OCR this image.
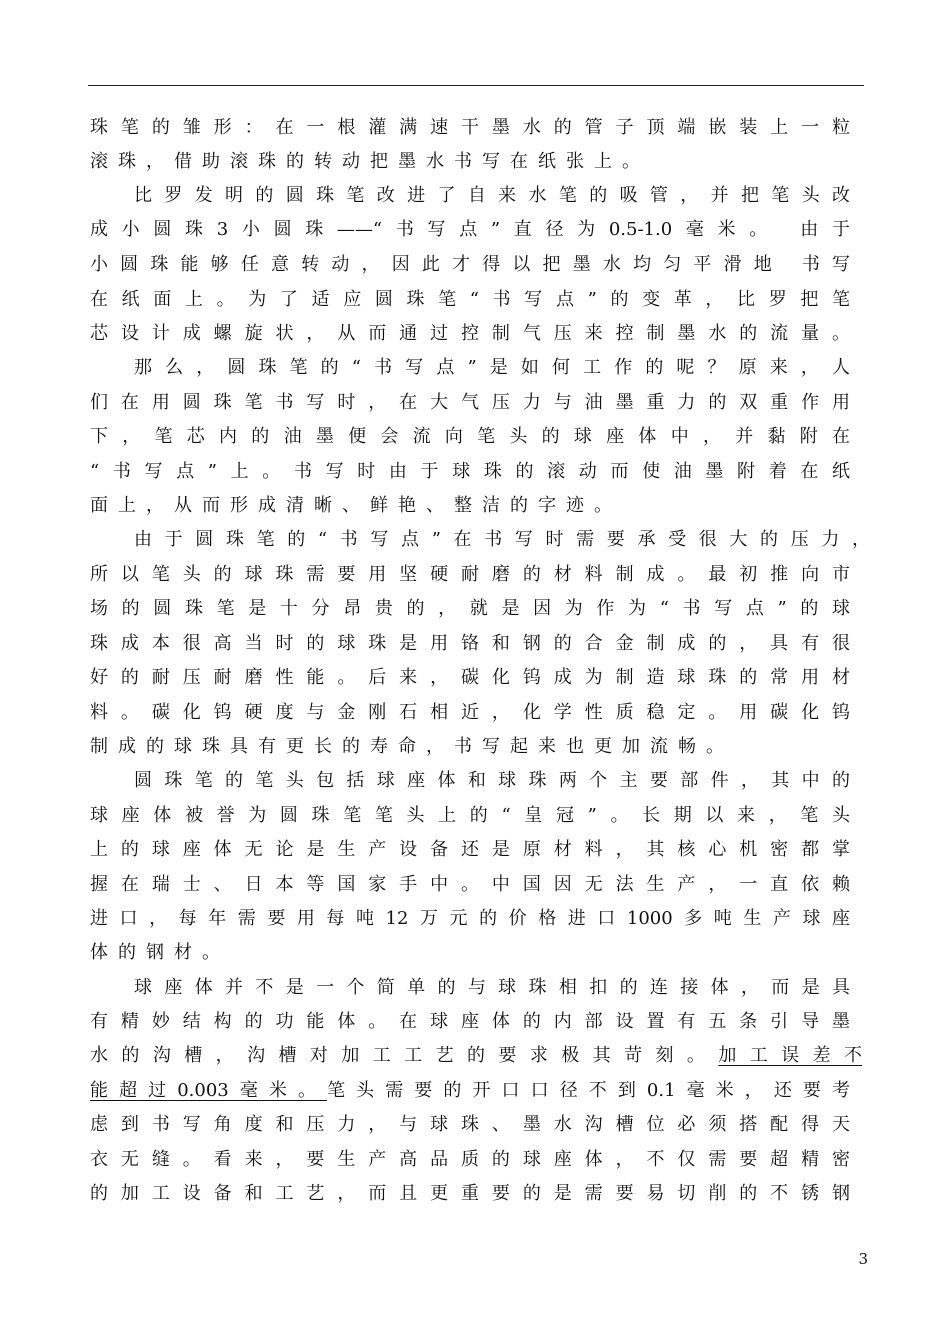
珠笔的雏形：在一根灌满速干墨水的管子顶端嵌装上一粒
滚珠，借助滚珠的转动把墨水书写在纸张上。
比罗发明的圆珠笔改进了自来水笔的吸管，并把笔头改
成小圆珠3小圆珠——“书写点”直径为0.5-1.0毫米。 由于
小圆珠能够任意转动，因此才得以把墨水均匀平滑地 书写
在纸面上。为了适应圆珠笔“书写点”的变革，比罗把笔
芯设计成螺旋状，从而通过控制气压来控制墨水的流量。
那么，圆珠笔的“书写点”是如何工作的呢？原来，人
们在用圆珠笔书写时，在大气压力与油墨重力的双重作用
下，笔芯内的油墨便会流向笔头的球座体中，并黏附在
“书写点”上。书写时由于球珠的滚动而使油墨附着在纸
面上，从而形成清晰、鲜艳、整洁的字迹。
由于圆珠笔的“书写点”在书写时需要承受很大的压力，
所以笔头的球珠需要用坚硬耐磨的材料制成。最初推向市
场的圆珠笔是十分昂贵的，就是因为作为“书写点”的球
珠成本很高当时的球珠是用铬和钢的合金制成的，具有很
好的耐压耐磨性能。后来，碳化钨成为制造球珠的常用材
料。碳化钨硬度与金刚石相近，化学性质稳定。用碳化钨
制成的球珠具有更长的寿命，书写起来也更加流畅。
圆珠笔的笔头包括球座体和球珠两个主要部件，其中的
球座体被誉为圆珠笔笔头上的“皇冠”。长期以来，笔头
上的球座体无论是生产设备还是原材料，其核心机密都掌
握在瑞士、日本等国家手中。中国因无法生产，一直依赖
进口，每年需要用每吨12万元的价格进口1000多吨生产球座
体的钢材。
球座体并不是一个简单的与球珠相扣的连接体，而是具
有精妙结构的功能体。在球座体的内部设置有五条引导墨
水的沟槽，沟槽对加工工艺的要求极其苛刻。加工误差不
能超过0.003毫米。笔头需要的开口口径不到0.1毫米，还要考
虑到书写角度和压力，与球珠、墨水沟槽位必须搭配得天
衣无缝。看来，要生产高品质的球座体，不仅需要超精密
的加工设备和工艺，而且更重要的是需要易切削的不锈钢
3
